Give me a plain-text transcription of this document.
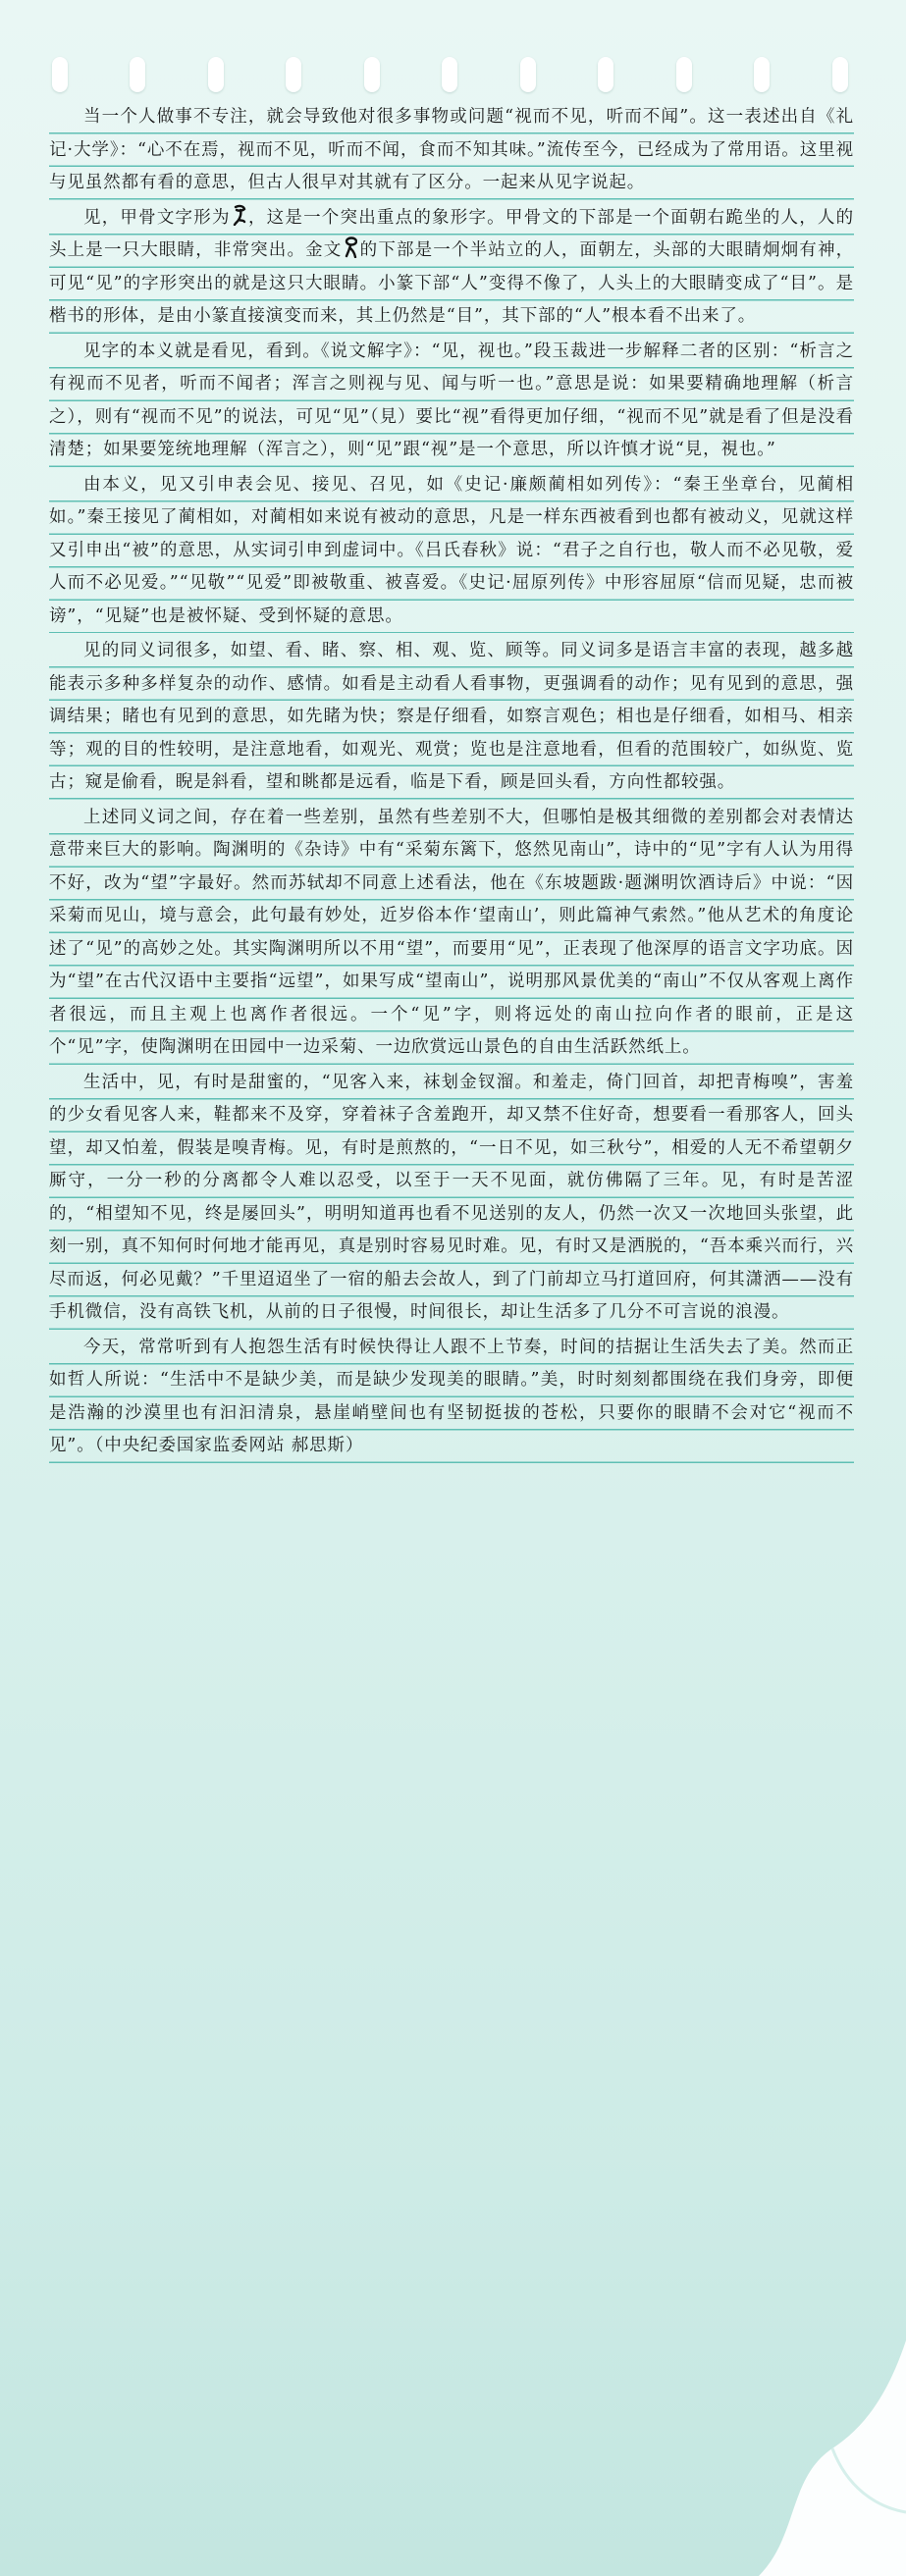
当一个人做事不专注，就会导致他对很多事物或问题“视而不见，听而不闻”。这一表述出自《礼记·大学》：“心不在焉，视而不见，听而不闻，食而不知其味。”流传至今，已经成为了常用语。这里视与见虽然都有看的意思，但古人很早对其就有了区分。一起来从见字说起。

见，甲骨文字形为 ，这是一个突出重点的象形字。甲骨文的下部是一个面朝右跪坐的人，人的头上是一只大眼睛，非常突出。金文 的下部是一个半站立的人，面朝左，头部的大眼睛炯炯有神，可见“见”的字形突出的就是这只大眼睛。小篆下部“人”变得不像了，人头上的大眼睛变成了“目”。是楷书的形体，是由小篆直接演变而来，其上仍然是“目”，其下部的“人”根本看不出来了。

见字的本义就是看见，看到。《说文解字》：“见，视也。”段玉裁进一步解释二者的区别：“析言之有视而不见者，听而不闻者；浑言之则视与见、闻与听一也。”意思是说：如果要精确地理解（析言之），则有“视而不见”的说法，可见“见”（見）要比“视”看得更加仔细，“视而不见”就是看了但是没看清楚；如果要笼统地理解（浑言之），则“见”跟“视”是一个意思，所以许慎才说“見，視也。”

由本义，见又引申表会见、接见、召见，如《史记·廉颇蔺相如列传》：“秦王坐章台，见蔺相如。”秦王接见了蔺相如，对蔺相如来说有被动的意思，凡是一样东西被看到也都有被动义，见就这样又引申出“被”的意思，从实词引申到虚词中。《吕氏春秋》说：“君子之自行也，敬人而不必见敬，爱人而不必见爱。”“见敬”“见爱”即被敬重、被喜爱。《史记·屈原列传》中形容屈原“信而见疑，忠而被谤”，“见疑”也是被怀疑、受到怀疑的意思。

见的同义词很多，如望、看、睹、察、相、观、览、顾等。同义词多是语言丰富的表现，越多越能表示多种多样复杂的动作、感情。如看是主动看人看事物，更强调看的动作；见有见到的意思，强调结果；睹也有见到的意思，如先睹为快；察是仔细看，如察言观色；相也是仔细看，如相马、相亲等；观的目的性较明，是注意地看，如观光、观赏；览也是注意地看，但看的范围较广，如纵览、览古；窥是偷看，睨是斜看，望和眺都是远看，临是下看，顾是回头看，方向性都较强。

上述同义词之间，存在着一些差别，虽然有些差别不大，但哪怕是极其细微的差别都会对表情达意带来巨大的影响。陶渊明的《杂诗》中有“采菊东篱下，悠然见南山”，诗中的“见”字有人认为用得不好，改为“望”字最好。然而苏轼却不同意上述看法，他在《东坡题跋·题渊明饮酒诗后》中说：“因采菊而见山，境与意会，此句最有妙处，近岁俗本作‘望南山’，则此篇神气索然。”他从艺术的角度论述了“见”的高妙之处。其实陶渊明所以不用“望”，而要用“见”，正表现了他深厚的语言文字功底。因为“望”在古代汉语中主要指“远望”，如果写成“望南山”，说明那风景优美的“南山”不仅从客观上离作者很远，而且主观上也离作者很远。一个“见”字，则将远处的南山拉向作者的眼前，正是这个“见”字，使陶渊明在田园中一边采菊、一边欣赏远山景色的自由生活跃然纸上。

生活中，见，有时是甜蜜的，“见客入来，袜刬金钗溜。和羞走，倚门回首，却把青梅嗅”，害羞的少女看见客人来，鞋都来不及穿，穿着袜子含羞跑开，却又禁不住好奇，想要看一看那客人，回头望，却又怕羞，假装是嗅青梅。见，有时是煎熬的，“一日不见，如三秋兮”，相爱的人无不希望朝夕厮守，一分一秒的分离都令人难以忍受，以至于一天不见面，就仿佛隔了三年。见，有时是苦涩的，“相望知不见，终是屡回头”，明明知道再也看不见送别的友人，仍然一次又一次地回头张望，此刻一别，真不知何时何地才能再见，真是别时容易见时难。见，有时又是洒脱的，“吾本乘兴而行，兴尽而返，何必见戴？”千里迢迢坐了一宿的船去会故人，到了门前却立马打道回府，何其潇洒——没有手机微信，没有高铁飞机，从前的日子很慢，时间很长，却让生活多了几分不可言说的浪漫。

今天，常常听到有人抱怨生活有时候快得让人跟不上节奏，时间的拮据让生活失去了美。然而正如哲人所说：“生活中不是缺少美，而是缺少发现美的眼睛。”美，时时刻刻都围绕在我们身旁，即便是浩瀚的沙漠里也有汩汩清泉，悬崖峭壁间也有坚韧挺拔的苍松，只要你的眼睛不会对它“视而不见”。（中央纪委国家监委网站 郝思斯）
